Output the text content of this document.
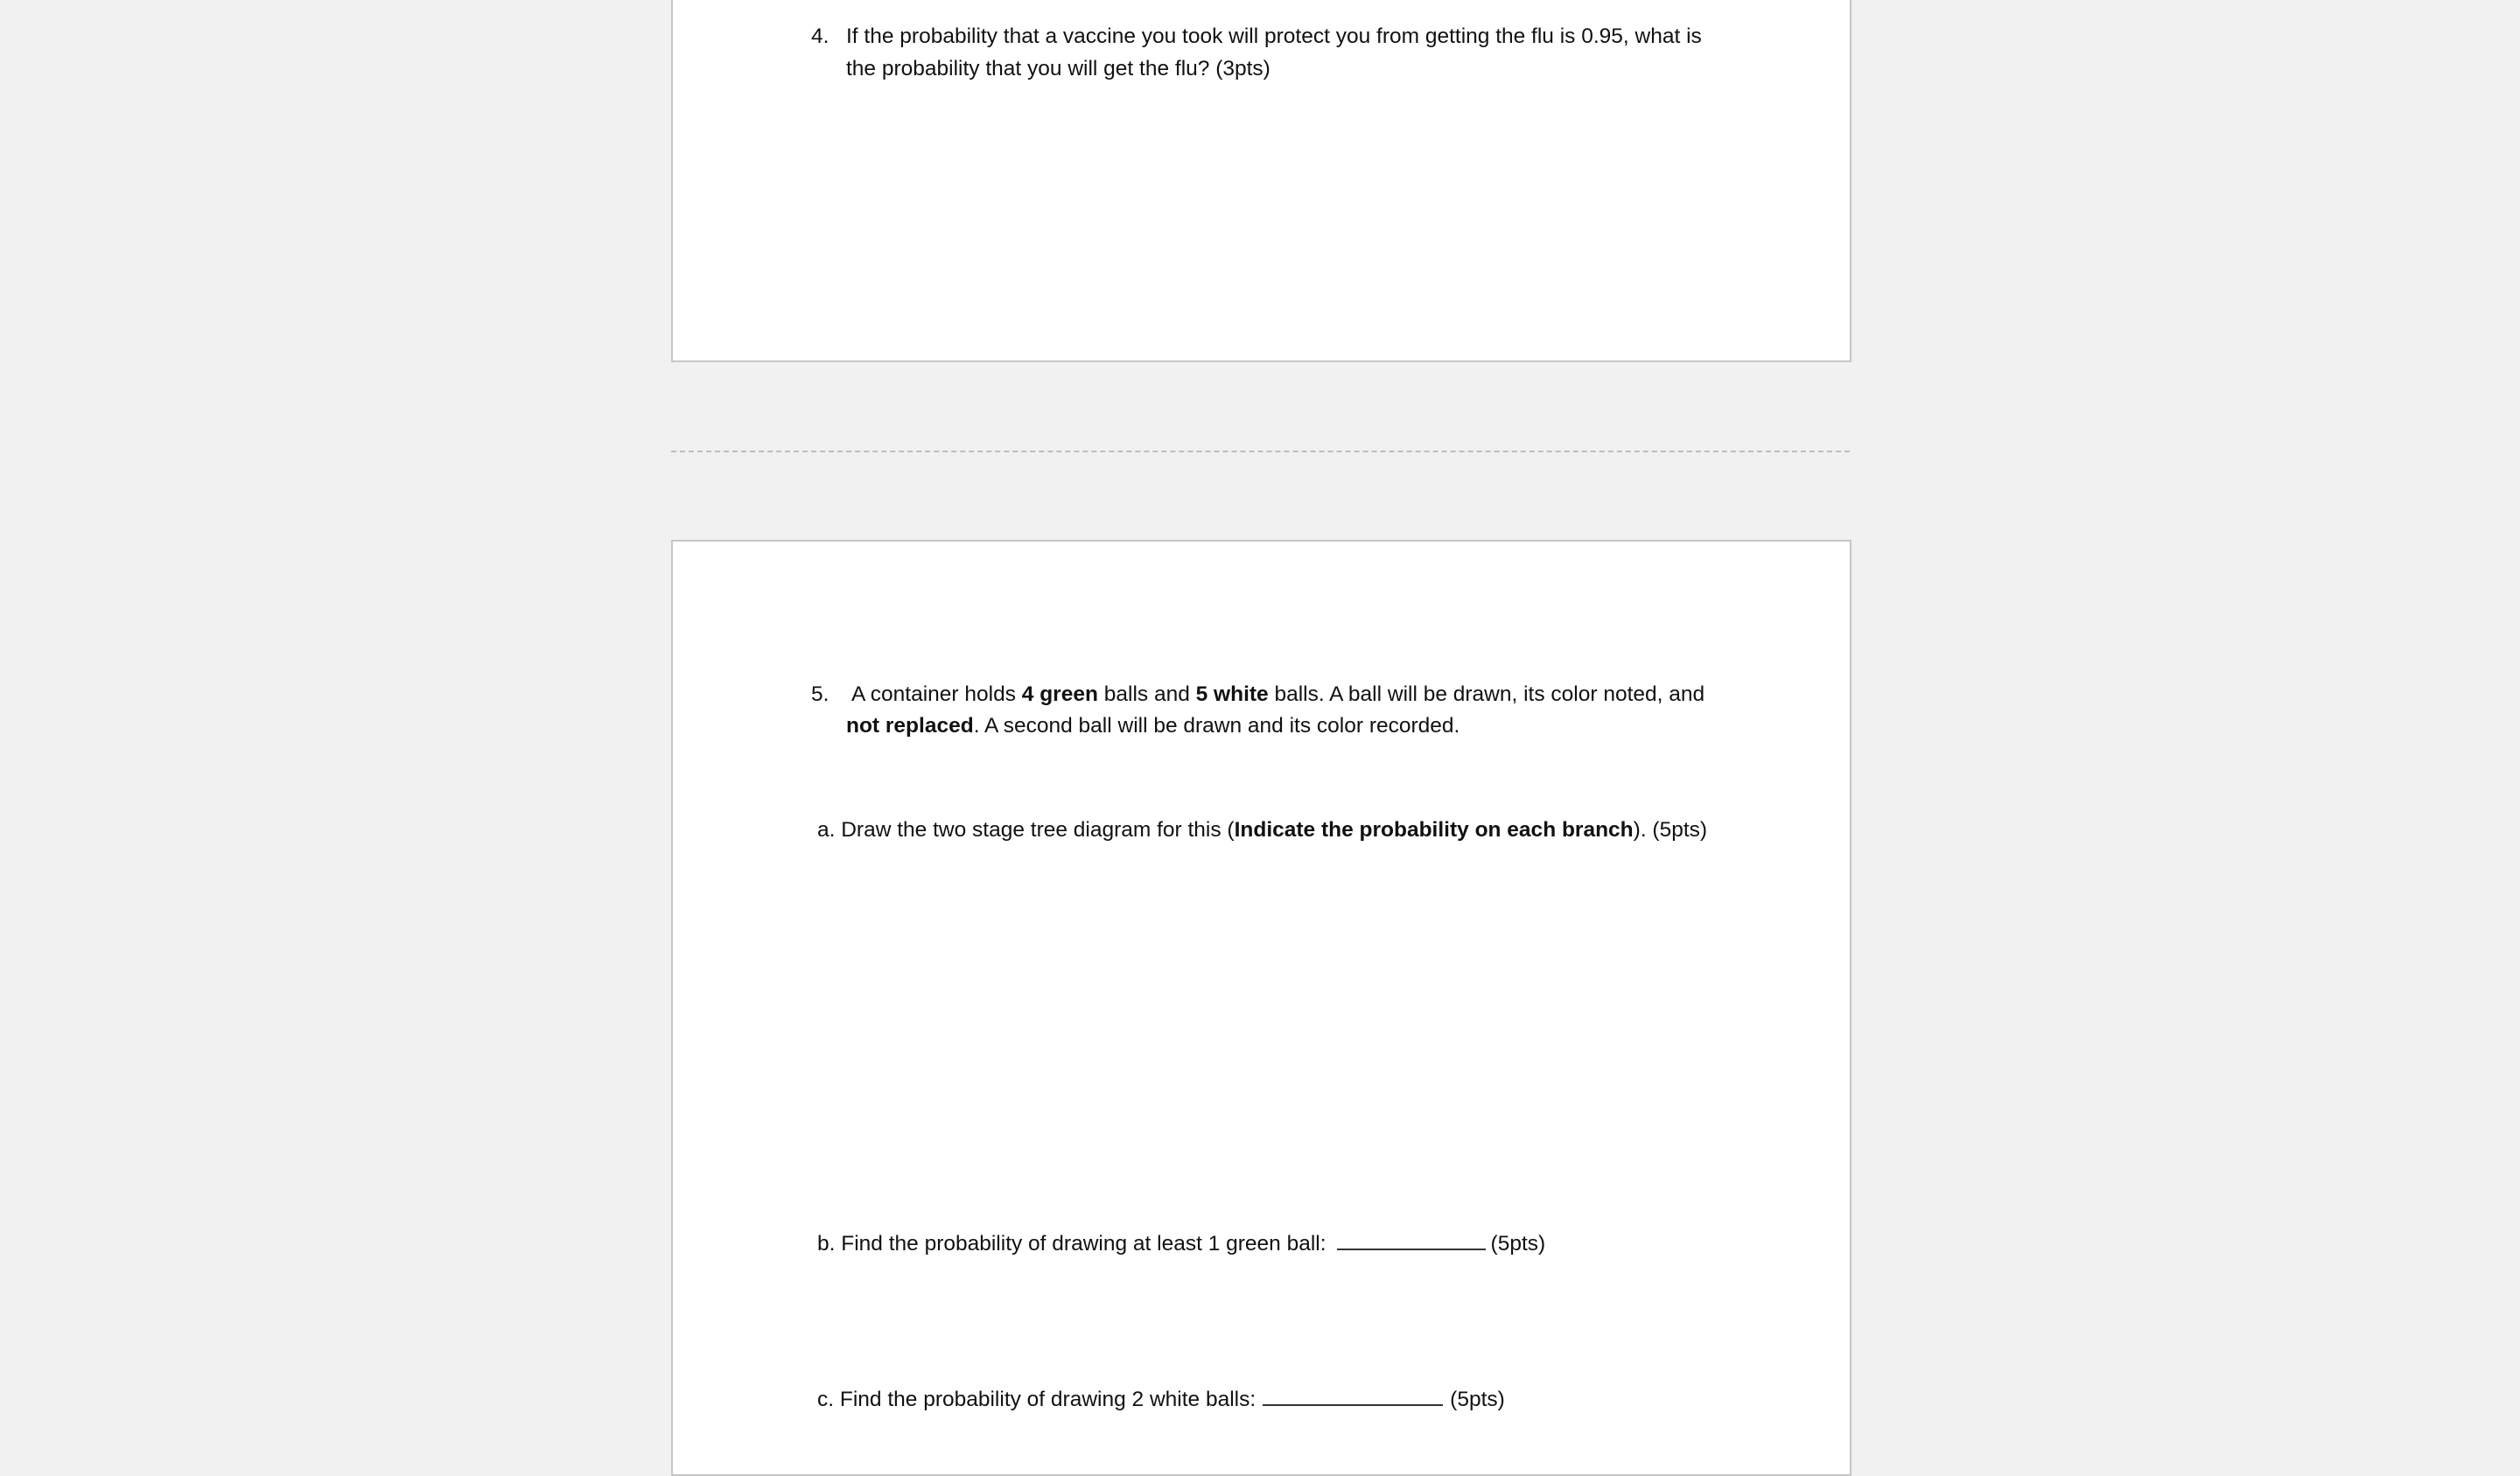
4. If the probability that a vaccine you took will protect you from getting the flu is 0.95, what is
the probability that you will get the flu? (3pts)
5. A container holds 4 green balls and 5 white balls. A ball will be drawn, its color noted, and
not replaced. A second ball will be drawn and its color recorded.
a. Draw the two stage tree diagram for this (Indicate the probability on each branch). (5pts)
b. Find the probability of drawing at least 1 green ball:	(5pts)
c. Find the probability of drawing 2 white balls:	(5pts)
